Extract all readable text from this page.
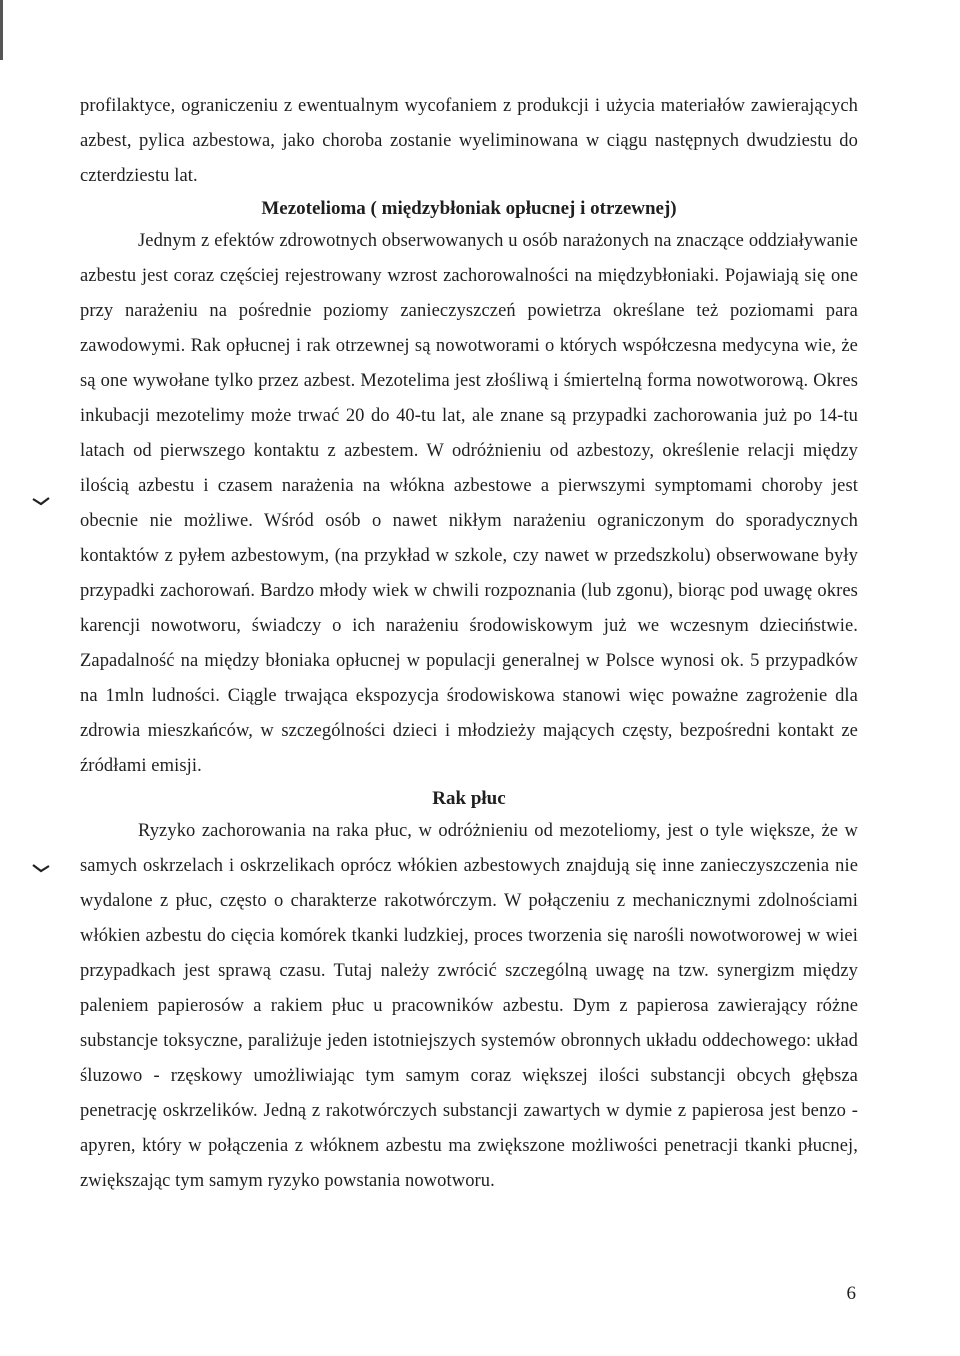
profilaktyce, ograniczeniu z ewentualnym wycofaniem z produkcji i użycia materiałów zawierających azbest, pylica azbestowa, jako choroba zostanie wyeliminowana w ciągu następnych dwudziestu do czterdziestu lat.

Mezotelioma ( międzybłoniak opłucnej i otrzewnej)

Jednym z efektów zdrowotnych obserwowanych u osób narażonych na znaczące oddziaływanie azbestu jest coraz częściej rejestrowany wzrost zachorowalności na międzybłoniaki. Pojawiają się one przy narażeniu na pośrednie poziomy zanieczyszczeń powietrza określane też poziomami para zawodowymi. Rak opłucnej i rak otrzewnej są nowotworami o których współczesna medycyna wie, że są one wywołane tylko przez azbest. Mezotelima jest złośliwą i śmiertelną forma nowotworową. Okres inkubacji mezotelimy może trwać 20 do 40-tu lat, ale znane są przypadki zachorowania już po 14-tu latach od pierwszego kontaktu z azbestem. W odróżnieniu od azbestozy, określenie relacji między ilością azbestu i czasem narażenia na włókna azbestowe a pierwszymi symptomami choroby jest obecnie nie możliwe. Wśród osób o nawet nikłym narażeniu ograniczonym do sporadycznych kontaktów z pyłem azbestowym, (na przykład w szkole, czy nawet w przedszkolu) obserwowane były przypadki zachorowań. Bardzo młody wiek w chwili rozpoznania (lub zgonu), biorąc pod uwagę okres karencji nowotworu, świadczy o ich narażeniu środowiskowym już we wczesnym dzieciństwie. Zapadalność na między błoniaka opłucnej w populacji generalnej w Polsce wynosi ok. 5 przypadków na 1mln ludności. Ciągle trwająca ekspozycja środowiskowa stanowi więc poważne zagrożenie dla zdrowia mieszkańców, w szczególności dzieci i młodzieży mających częsty, bezpośredni kontakt ze źródłami emisji.

Rak płuc

Ryzyko zachorowania na raka płuc, w odróżnieniu od mezoteliomy, jest o tyle większe, że w samych oskrzelach i oskrzelikach oprócz włókien azbestowych znajdują się inne zanieczyszczenia nie wydalone z płuc, często o charakterze rakotwórczym. W połączeniu z mechanicznymi zdolnościami włókien azbestu do cięcia komórek tkanki ludzkiej, proces tworzenia się narośli nowotworowej w wiei przypadkach jest sprawą czasu. Tutaj należy zwrócić szczególną uwagę na tzw. synergizm między paleniem papierosów a rakiem płuc u pracowników azbestu. Dym z papierosa zawierający różne substancje toksyczne, paraliżuje jeden istotniejszych systemów obronnych układu oddechowego: układ śluzowo - rzęskowy umożliwiając tym samym coraz większej ilości substancji obcych głębsza penetrację oskrzelików. Jedną z rakotwórczych substancji zawartych w dymie z papierosa jest benzo - apyren, który w połączenia z włóknem azbestu ma zwiększone możliwości penetracji tkanki płucnej, zwiększając tym samym ryzyko powstania nowotworu.

6
